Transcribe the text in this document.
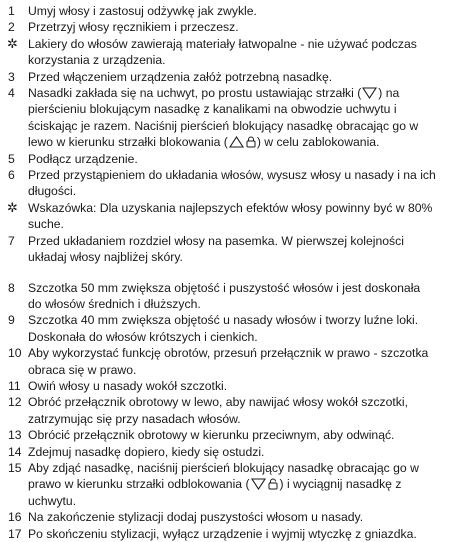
1	Umyj włosy i zastosuj odżywkę jak zwykle.
2	Przetrzyj włosy ręcznikiem i przeczesz.
✲ Lakiery do włosów zawierają materiały łatwopalne - nie używać podczas korzystania z urządzenia.
3	Przed włączeniem urządzenia załóż potrzebną nasadkę.
4	Nasadki zakłada się na uchwyt, po prostu ustawiając strzałki ( ) na pierścieniu blokującym nasadkę z kanalikami na obwodzie uchwytu i ściskając je razem. Naciśnij pierścień blokujący nasadkę obracając go w lewo w kierunku strzałki blokowania ( ) w celu zablokowania.
5	Podłącz urządzenie.
6	Przed przystąpieniem do układania włosów, wysusz włosy u nasady i na ich długości.
✲ Wskazówka: Dla uzyskania najlepszych efektów włosy powinny być w 80% suche.
7	Przed układaniem rozdziel włosy na pasemka. W pierwszej kolejności układaj włosy najbliżej skóry.
8	Szczotka 50 mm zwiększa objętość i puszystość włosów i jest doskonała do włosów średnich i dłuższych.
9	Szczotka 40 mm zwiększa objętość u nasady włosów i tworzy luźne loki. Doskonała do włosów krótszych i cienkich.
10 Aby wykorzystać funkcję obrotów, przesuń przełącznik w prawo - szczotka obraca się w prawo.
11 Owiń włosy u nasady wokół szczotki.
12 Obróć przełącznik obrotowy w lewo, aby nawijać włosy wokół szczotki, zatrzymując się przy nasadach włosów.
13 Obrócić przełącznik obrotowy w kierunku przeciwnym, aby odwinąć.
14 Zdejmuj nasadkę dopiero, kiedy się ostudzi.
15 Aby zdjąć nasadkę, naciśnij pierścień blokujący nasadkę obracając go w prawo w kierunku strzałki odblokowania ( ) i wyciągnij nasadkę z uchwytu.
16 Na zakończenie stylizacji dodaj puszystości włosom u nasady.
17 Po skończeniu stylizacji, wyłącz urządzenie i wyjmij wtyczkę z gniazdka.
